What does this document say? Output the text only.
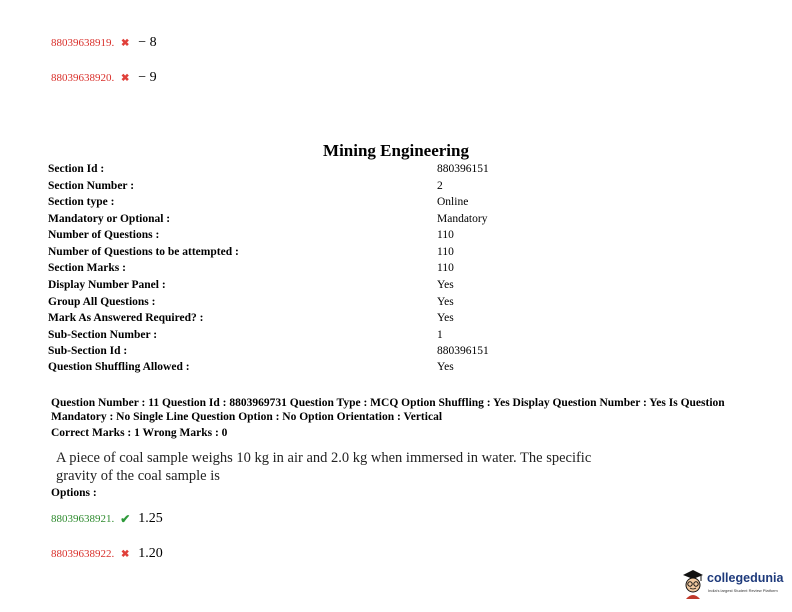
88039638919. ✖ − 8
88039638920. ✖ − 9
Mining Engineering
Section Id :	880396151
Section Number :	2
Section type :	Online
Mandatory or Optional :	Mandatory
Number of Questions :	110
Number of Questions to be attempted :	110
Section Marks :	110
Display Number Panel :	Yes
Group All Questions :	Yes
Mark As Answered Required? :	Yes
Sub-Section Number :	1
Sub-Section Id :	880396151
Question Shuffling Allowed :	Yes
Question Number : 11 Question Id : 8803969731 Question Type : MCQ Option Shuffling : Yes Display Question Number : Yes Is Question Mandatory : No Single Line Question Option : No Option Orientation : Vertical
Correct Marks : 1 Wrong Marks : 0
A piece of coal sample weighs 10 kg in air and 2.0 kg when immersed in water. The specific gravity of the coal sample is
Options :
88039638921. ✔ 1.25
88039638922. ✖ 1.20
collegedunia
India's largest Student Review Platform
